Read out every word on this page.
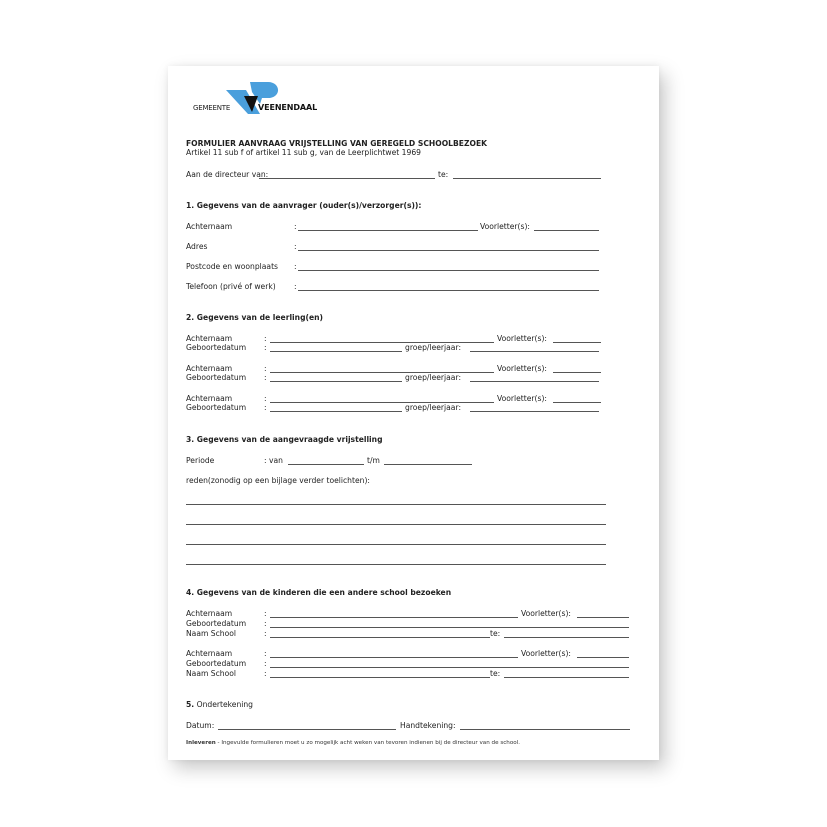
GEMEENTE	VEENENDAAL
FORMULIER AANVRAAG VRIJSTELLING VAN GEREGELD SCHOOLBEZOEK
Artikel 11 sub f of artikel 11 sub g, van de Leerplichtwet 1969
Aan de directeur van:	te:
1. Gegevens van de aanvrager (ouder(s)/verzorger(s)):
Achternaam	:	Voorletter(s):
Adres	:
Postcode en woonplaats :
Telefoon (privé of werk) :
2. Gegevens van de leerling(en)
Achternaam	:	Voorletter(s):
Geboortedatum :	groep/leerjaar:
Achternaam	:	Voorletter(s):
Geboortedatum :	groep/leerjaar:
Achternaam	:	Voorletter(s):
Geboortedatum :	groep/leerjaar:
3. Gegevens van de aangevraagde vrijstelling
Periode	: van	t/m
reden(zonodig op een bijlage verder toelichten):
4. Gegevens van de kinderen die een andere school bezoeken
Achternaam	:	Voorletter(s):
Geboortedatum :
Naam School	:	te:
Achternaam	:	Voorletter(s):
Geboortedatum :
Naam School	:	te:
5. Ondertekening
Datum:	Handtekening:
Inleveren - Ingevulde formulieren moet u zo mogelijk acht weken van tevoren indienen bij de directeur van de school.
